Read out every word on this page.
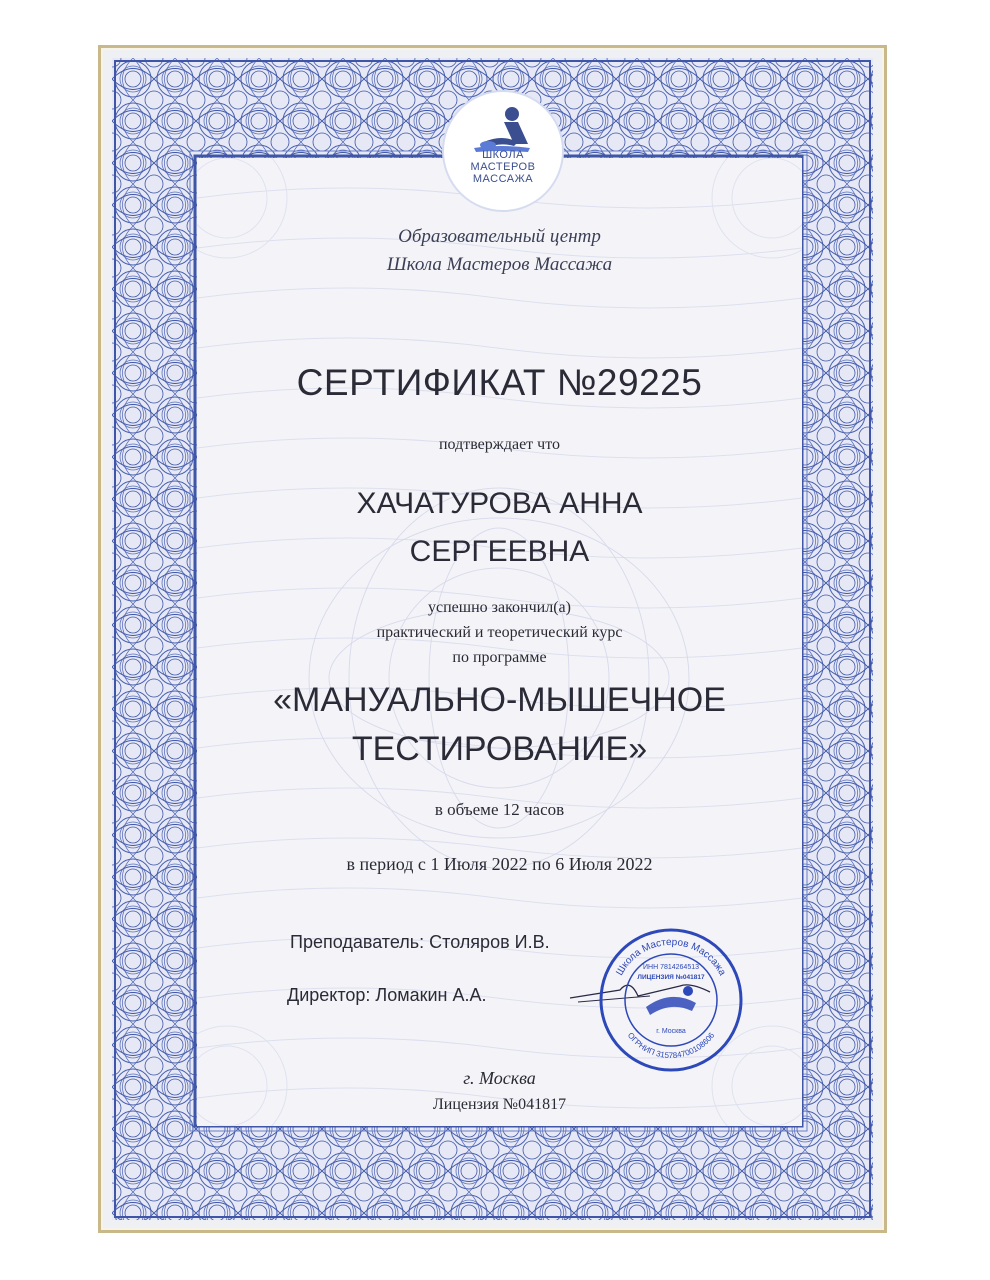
ШКОЛА
МАСТЕРОВ
МАССАЖА
Образовательный центр
Школа Мастеров Массажа
СЕРТИФИКАТ №29225
подтверждает что
ХАЧАТУРОВА АННА
СЕРГЕЕВНА
успешно закончил(а)
практический и теоретический курс
по программе
«МАНУАЛЬНО-МЫШЕЧНОЕ
ТЕСТИРОВАНИЕ»
в объеме 12 часов
в период с 1 Июля 2022 по 6 Июля 2022
Преподаватель: Столяров И.В.
Директор: Ломакин А.А.
Школа Мастеров Массажа
ОГРНИП 315784700108606
ИНН 7814264513
ЛИЦЕНЗИЯ №041817
г. Москва
г. Москва
Лицензия №041817
